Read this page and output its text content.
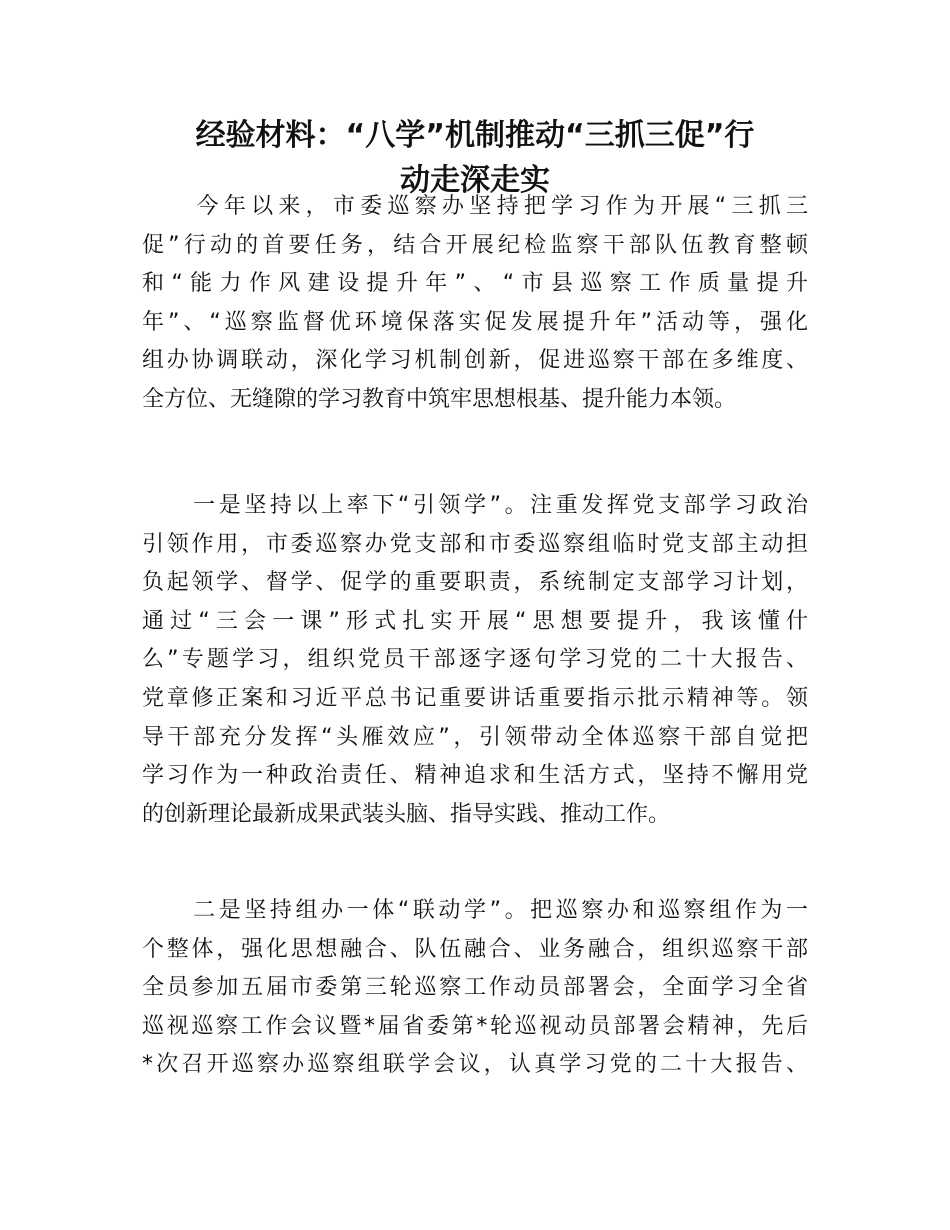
经验材料：“八学”机制推动“三抓三促”行
动走深走实
　　今年以来，市委巡察办坚持把学习作为开展“三抓三
促”行动的首要任务，结合开展纪检监察干部队伍教育整顿
和“能力作风建设提升年”、“市县巡察工作质量提升
年”、“巡察监督优环境保落实促发展提升年”活动等，强化
组办协调联动，深化学习机制创新，促进巡察干部在多维度、
全方位、无缝隙的学习教育中筑牢思想根基、提升能力本领。
　　一是坚持以上率下“引领学”。注重发挥党支部学习政治
引领作用，市委巡察办党支部和市委巡察组临时党支部主动担
负起领学、督学、促学的重要职责，系统制定支部学习计划，
通过“三会一课”形式扎实开展“思想要提升，我该懂什
么”专题学习，组织党员干部逐字逐句学习党的二十大报告、
党章修正案和习近平总书记重要讲话重要指示批示精神等。领
导干部充分发挥“头雁效应”，引领带动全体巡察干部自觉把
学习作为一种政治责任、精神追求和生活方式，坚持不懈用党
的创新理论最新成果武装头脑、指导实践、推动工作。
　　二是坚持组办一体“联动学”。把巡察办和巡察组作为一
个整体，强化思想融合、队伍融合、业务融合，组织巡察干部
全员参加五届市委第三轮巡察工作动员部署会，全面学习全省
巡视巡察工作会议暨*届省委第*轮巡视动员部署会精神，先后
*次召开巡察办巡察组联学会议，认真学习党的二十大报告、
